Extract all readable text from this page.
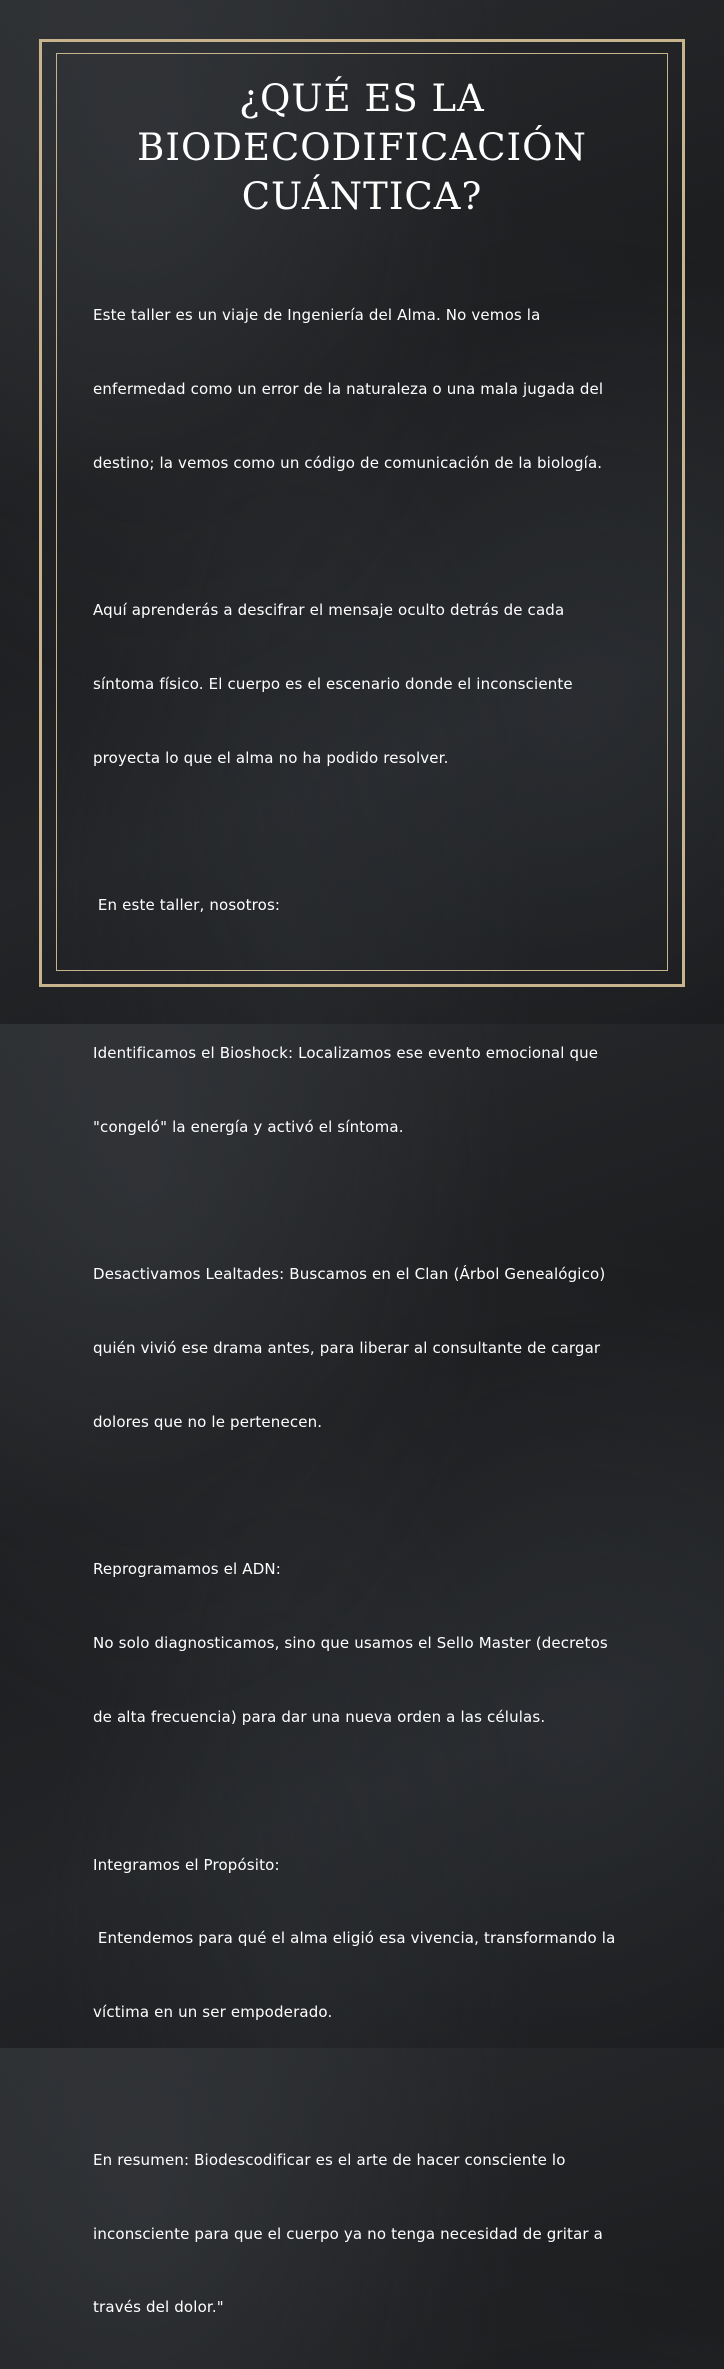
¿QUÉ ES LA
BIODECODIFICACIÓN
CUÁNTICA?

Este taller es un viaje de Ingeniería del Alma. No vemos la

enfermedad como un error de la naturaleza o una mala jugada del

destino; la vemos como un código de comunicación de la biología.

Aquí aprenderás a descifrar el mensaje oculto detrás de cada

síntoma físico. El cuerpo es el escenario donde el inconsciente

proyecta lo que el alma no ha podido resolver.

En este taller, nosotros:

Identificamos el Bioshock: Localizamos ese evento emocional que

"congeló" la energía y activó el síntoma.

Desactivamos Lealtades: Buscamos en el Clan (Árbol Genealógico)

quién vivió ese drama antes, para liberar al consultante de cargar

dolores que no le pertenecen.

Reprogramamos el ADN:

No solo diagnosticamos, sino que usamos el Sello Master (decretos

de alta frecuencia) para dar una nueva orden a las células.

Integramos el Propósito:

Entendemos para qué el alma eligió esa vivencia, transformando la

víctima en un ser empoderado.

En resumen: Biodescodificar es el arte de hacer consciente lo

inconsciente para que el cuerpo ya no tenga necesidad de gritar a

través del dolor."
